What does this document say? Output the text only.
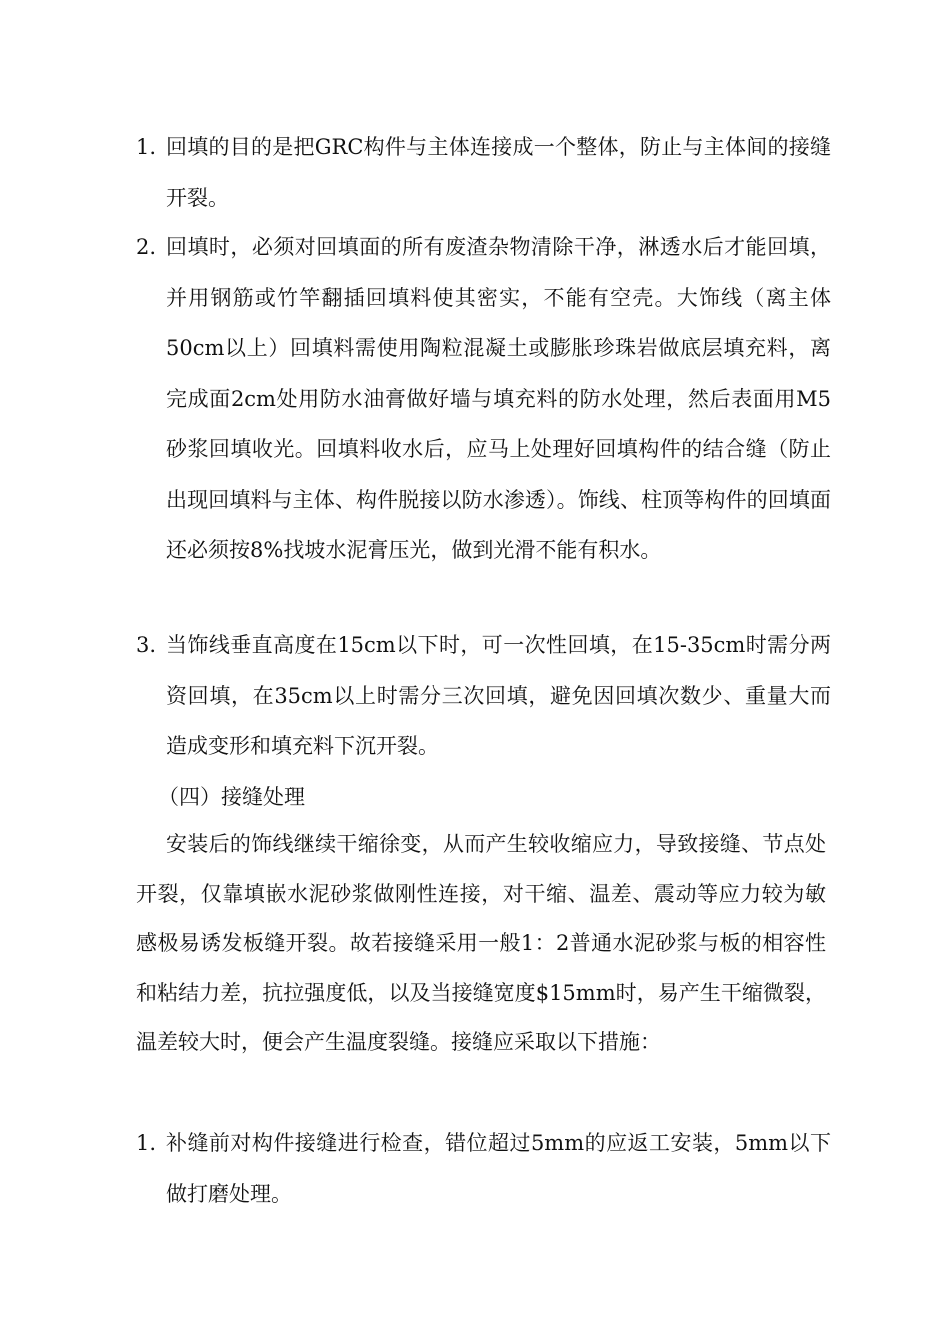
1. 回填的目的是把GRC构件与主体连接成一个整体，防止与主体间的接缝开裂。
2. 回填时，必须对回填面的所有废渣杂物清除干净，淋透水后才能回填，并用钢筋或竹竿翻插回填料使其密实，不能有空壳。大饰线（离主体50cm以上）回填料需使用陶粒混凝土或膨胀珍珠岩做底层填充料，离完成面2cm处用防水油膏做好墙与填充料的防水处理，然后表面用M5砂浆回填收光。回填料收水后，应马上处理好回填构件的结合缝（防止出现回填料与主体、构件脱接以防水渗透）。饰线、柱顶等构件的回填面还必须按8%找坡水泥膏压光，做到光滑不能有积水。
3. 当饰线垂直高度在15cm以下时，可一次性回填，在15-35cm时需分两资回填，在35cm以上时需分三次回填，避免因回填次数少、重量大而造成变形和填充料下沉开裂。
（四）接缝处理
安装后的饰线继续干缩徐变，从而产生较收缩应力，导致接缝、节点处开裂，仅靠填嵌水泥砂浆做刚性连接，对干缩、温差、震动等应力较为敏感极易诱发板缝开裂。故若接缝采用一般1：2普通水泥砂浆与板的相容性和粘结力差，抗拉强度低，以及当接缝宽度$15mm时，易产生干缩微裂，温差较大时，便会产生温度裂缝。接缝应采取以下措施：
1. 补缝前对构件接缝进行检查，错位超过5mm的应返工安装，5mm以下做打磨处理。
